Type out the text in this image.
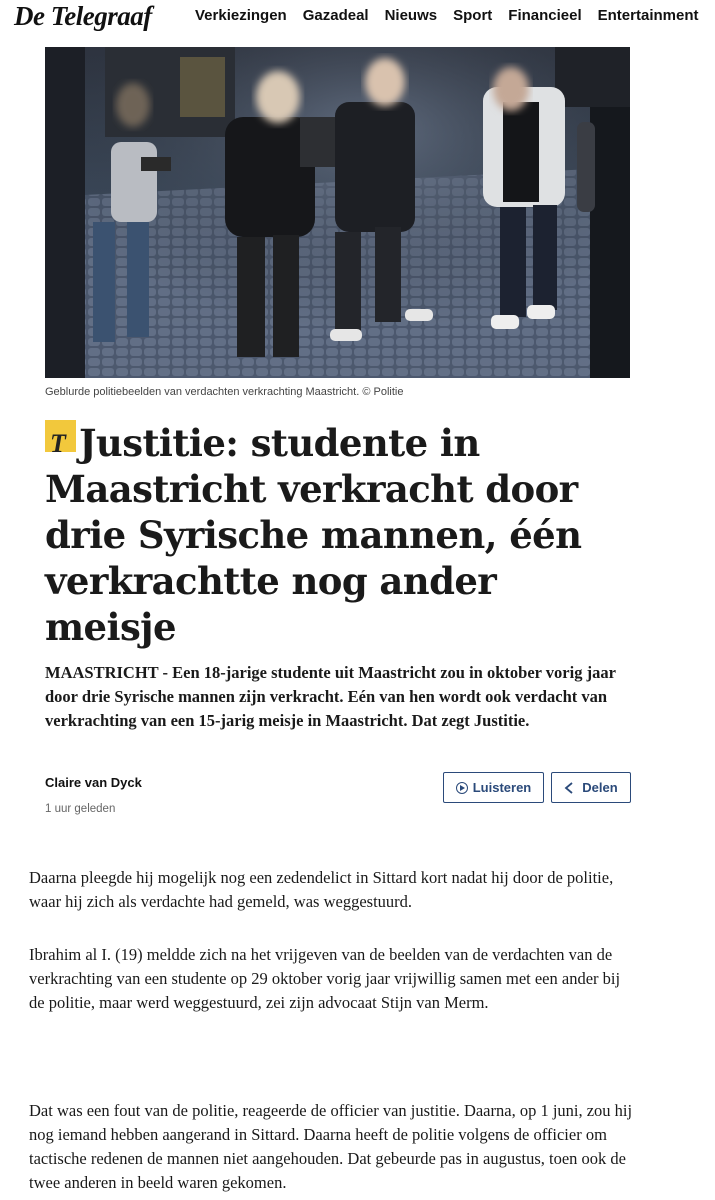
De Telegraaf	Verkiezingen Gazadeal Nieuws Sport Financieel Entertainment
Geblurde politiebeelden van verdachten verkrachting Maastricht. © Politie
T Justitie: studente in Maastricht verkracht door drie Syrische mannen, één verkrachtte nog ander meisje

MAASTRICHT - Een 18-jarige studente uit Maastricht zou in oktober vorig jaar door drie Syrische mannen zijn verkracht. Eén van hen wordt ook verdacht van verkrachting van een 15-jarig meisje in Maastricht. Dat zegt Justitie.

Claire van Dyck
1 uur geleden
Luisteren	Delen

Daarna pleegde hij mogelijk nog een zedendelict in Sittard kort nadat hij door de politie, waar hij zich als verdachte had gemeld, was weggestuurd.

Ibrahim al I. (19) meldde zich na het vrijgeven van de beelden van de verdachten van de verkrachting van een studente op 29 oktober vorig jaar vrijwillig samen met een ander bij de politie, maar werd weggestuurd, zei zijn advocaat Stijn van Merm.

Dat was een fout van de politie, reageerde de officier van justitie. Daarna, op 1 juni, zou hij nog iemand hebben aangerand in Sittard. Daarna heeft de politie volgens de officier om tactische redenen de mannen niet aangehouden. Dat gebeurde pas in augustus, toen ook de twee anderen in beeld waren gekomen.
